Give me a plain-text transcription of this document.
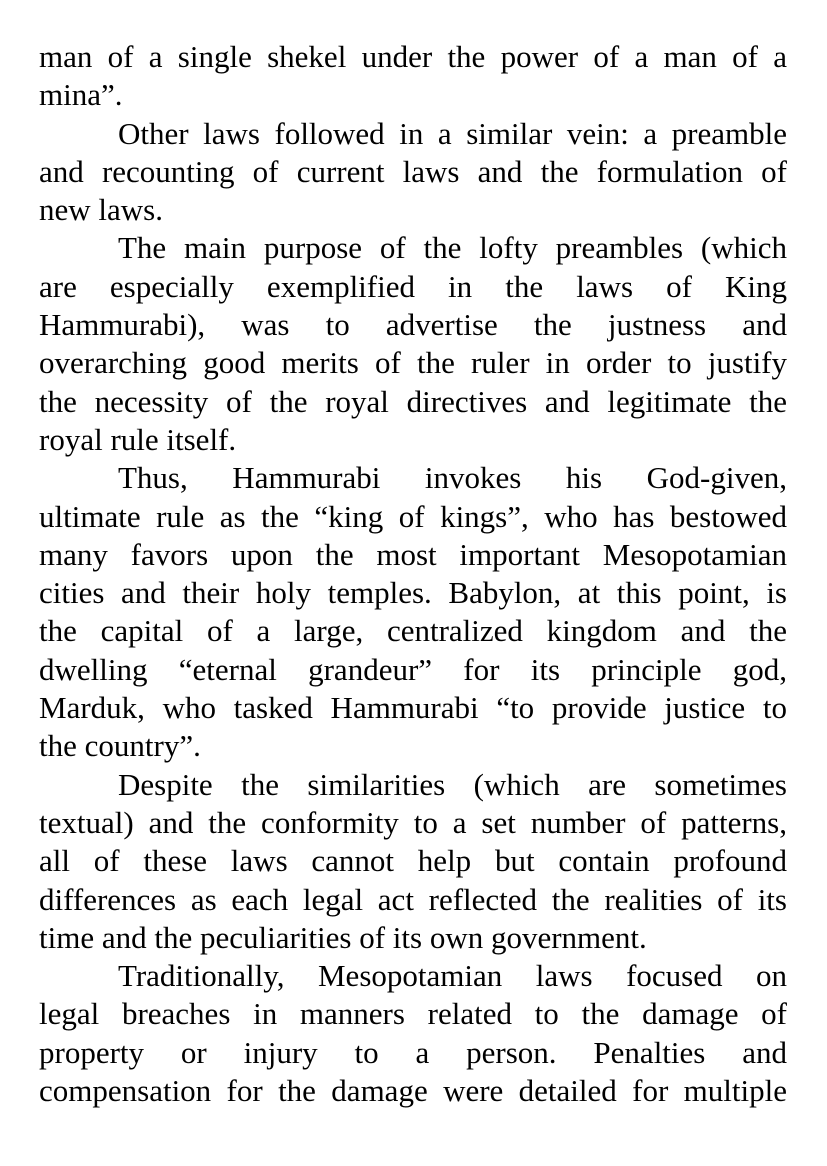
man of a single shekel under the power of a man of a
mina”.
Other laws followed in a similar vein: a preamble
and recounting of current laws and the formulation of
new laws.
The main purpose of the lofty preambles (which
are especially exemplified in the laws of King
Hammurabi), was to advertise the justness and
overarching good merits of the ruler in order to justify
the necessity of the royal directives and legitimate the
royal rule itself.
Thus, Hammurabi invokes his God-given,
ultimate rule as the “king of kings”, who has bestowed
many favors upon the most important Mesopotamian
cities and their holy temples. Babylon, at this point, is
the capital of a large, centralized kingdom and the
dwelling “eternal grandeur” for its principle god,
Marduk, who tasked Hammurabi “to provide justice to
the country”.
Despite the similarities (which are sometimes
textual) and the conformity to a set number of patterns,
all of these laws cannot help but contain profound
differences as each legal act reflected the realities of its
time and the peculiarities of its own government.
Traditionally, Mesopotamian laws focused on
legal breaches in manners related to the damage of
property or injury to a person. Penalties and
compensation for the damage were detailed for multiple
